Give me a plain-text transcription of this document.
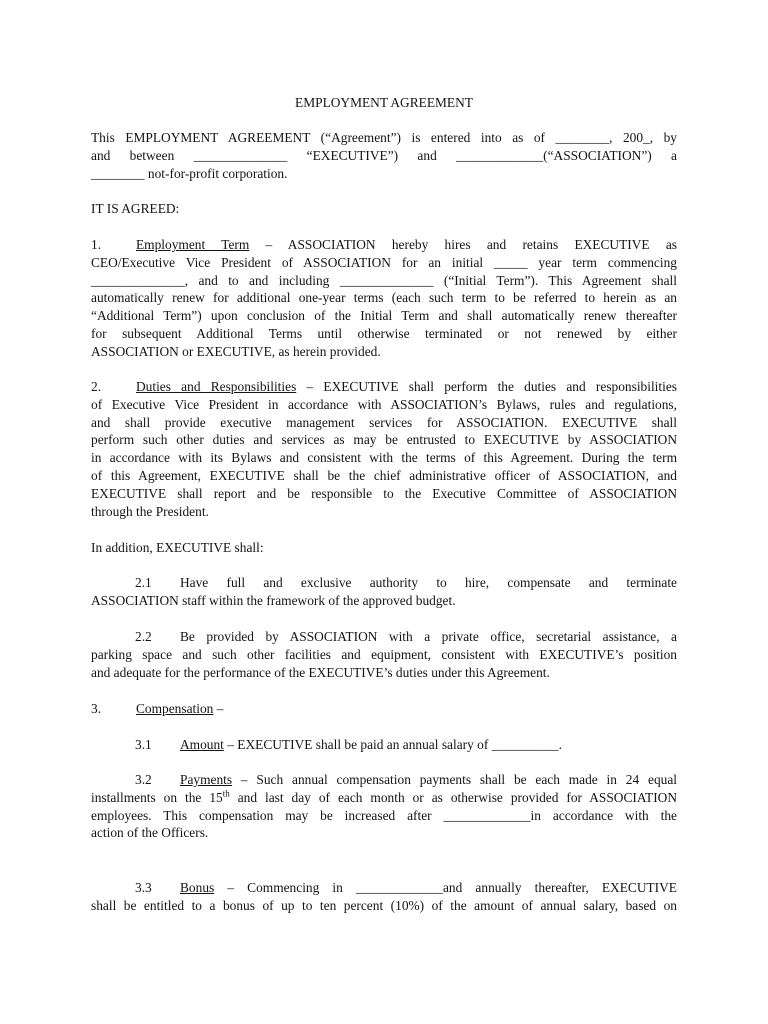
EMPLOYMENT AGREEMENT
This EMPLOYMENT AGREEMENT (“Agreement”) is entered into as of ________, 200_, by
and between ______________ “EXECUTIVE”) and _____________(“ASSOCIATION”) a
________ not-for-profit corporation.
IT IS AGREED:
1.	Employment Term – ASSOCIATION hereby hires and retains EXECUTIVE as
CEO/Executive Vice President of ASSOCIATION for an initial _____ year term commencing
______________, and to and including ______________ (“Initial Term”). This Agreement shall
automatically renew for additional one-year terms (each such term to be referred to herein as an
“Additional Term”) upon conclusion of the Initial Term and shall automatically renew thereafter
for subsequent Additional Terms until otherwise terminated or not renewed by either
ASSOCIATION or EXECUTIVE, as herein provided.
2.	Duties and Responsibilities – EXECUTIVE shall perform the duties and responsibilities
of Executive Vice President in accordance with ASSOCIATION’s Bylaws, rules and regulations,
and shall provide executive management services for ASSOCIATION. EXECUTIVE shall
perform such other duties and services as may be entrusted to EXECUTIVE by ASSOCIATION
in accordance with its Bylaws and consistent with the terms of this Agreement. During the term
of this Agreement, EXECUTIVE shall be the chief administrative officer of ASSOCIATION, and
EXECUTIVE shall report and be responsible to the Executive Committee of ASSOCIATION
through the President.
In addition, EXECUTIVE shall:
2.1 Have full and exclusive authority to hire, compensate and terminate
ASSOCIATION staff within the framework of the approved budget.
2.2 Be provided by ASSOCIATION with a private office, secretarial assistance, a
parking space and such other facilities and equipment, consistent with EXECUTIVE’s position
and adequate for the performance of the EXECUTIVE’s duties under this Agreement.
3.	Compensation –
3.1 Amount – EXECUTIVE shall be paid an annual salary of __________.
3.2 Payments – Such annual compensation payments shall be each made in 24 equal
installments on the 15th and last day of each month or as otherwise provided for ASSOCIATION
employees. This compensation may be increased after _____________in accordance with the
action of the Officers.
3.3 Bonus – Commencing in _____________and annually thereafter, EXECUTIVE
shall be entitled to a bonus of up to ten percent (10%) of the amount of annual salary, based on
